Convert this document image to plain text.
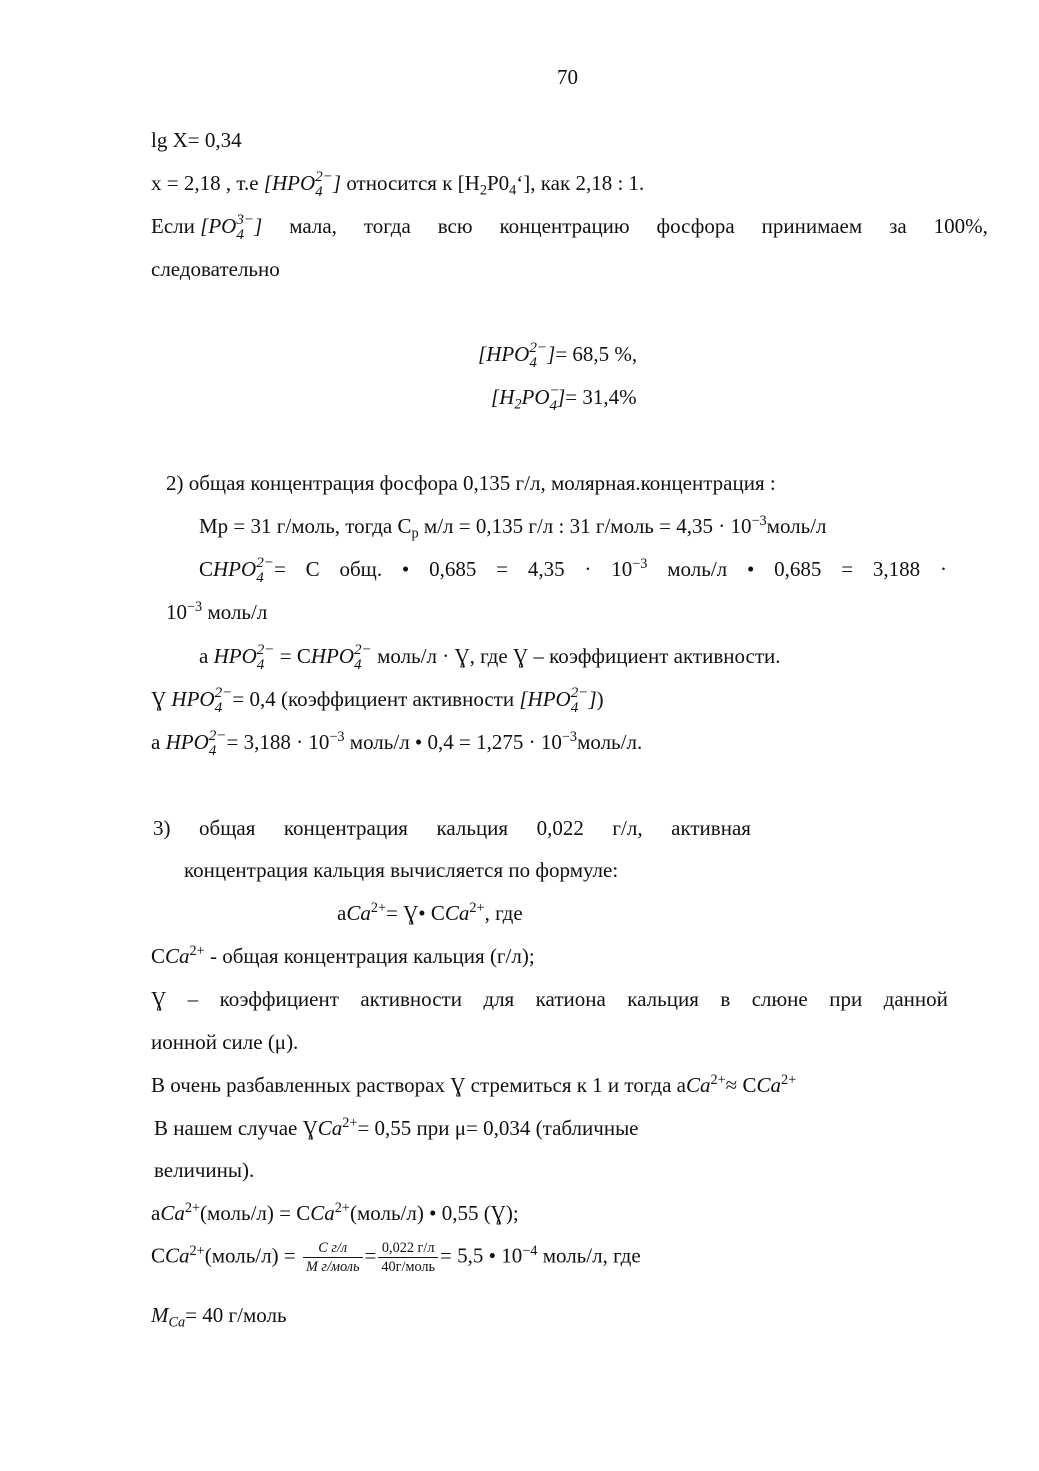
70
lg X= 0,34
х = 2,18 , т.е [HPO 2−
4 ] относится к $[H_2P0_4‘]$, как 2,18 : 1.
Если [PO 3−
4 ] мала, тогда всю концентрацию фосфора принимаем за 100%,
следовательно
[HPO 2−
4 ]= 68,5 %,
[$H_2PO$ −
4 ]= 31,4%
2) общая концентрация фосфора 0,135 г/л, молярная.концентрация :
Mр = 31 г/моль, тогда $С_р$ м/л = 0,135 г/л : 31 г/моль = $4,35 \cdot 10^{-3}моль/л$
CHPO 2−
4 = С общ. • $0,685 = 4,35 \cdot 10^{-3}$ моль/л • 0,685 = 3,188 ·
$10^{-3}$ моль/л
а HPO 2−
4 = CHPO 2−
4 моль/л · Ɣ, где Ɣ – коэффициент активности.
Ɣ HPO 2−
4 = 0,4 (коэффициент активности [HPO 2−
4 ])
а HPO 2−
$4 = 3,188 \cdot 10^{-3}$ моль/л • $0,4 = 1,275 \cdot 10^{-3}моль/л$.
3) общая концентрация кальция 0,022 г/л, активная
концентрация кальция вычисляется по формуле:
аCa$^{2+}$= Ɣ• CCa$^{2+}$, где
CCa$^{2+}$ - общая концентрация кальция (г/л);
Ɣ – коэффициент активности для катиона кальция в слюне при данной
ионной силе (μ).
В очень разбавленных растворах Ɣ стремиться к 1 и тогда аCa$^{2+}$≈ CCa$^{2+}$
В нашем случае ƔCa$^{2+}$= 0,55 при μ= 0,034 (табличные
величины).
аCa$^{2+}$(моль/л) = CCa$^{2+}$(моль/л) • 0,55 (Ɣ);
CCa$^{2+}$(моль/л) = $\frac{\text{С г/л}}{\text{М г/моль}} = \frac{0,022 г/л}{\text{40г/моль}} = 5,5$ • $10^{-4}$ моль/л, где
$М_{Ca}= 40$ г/моль
